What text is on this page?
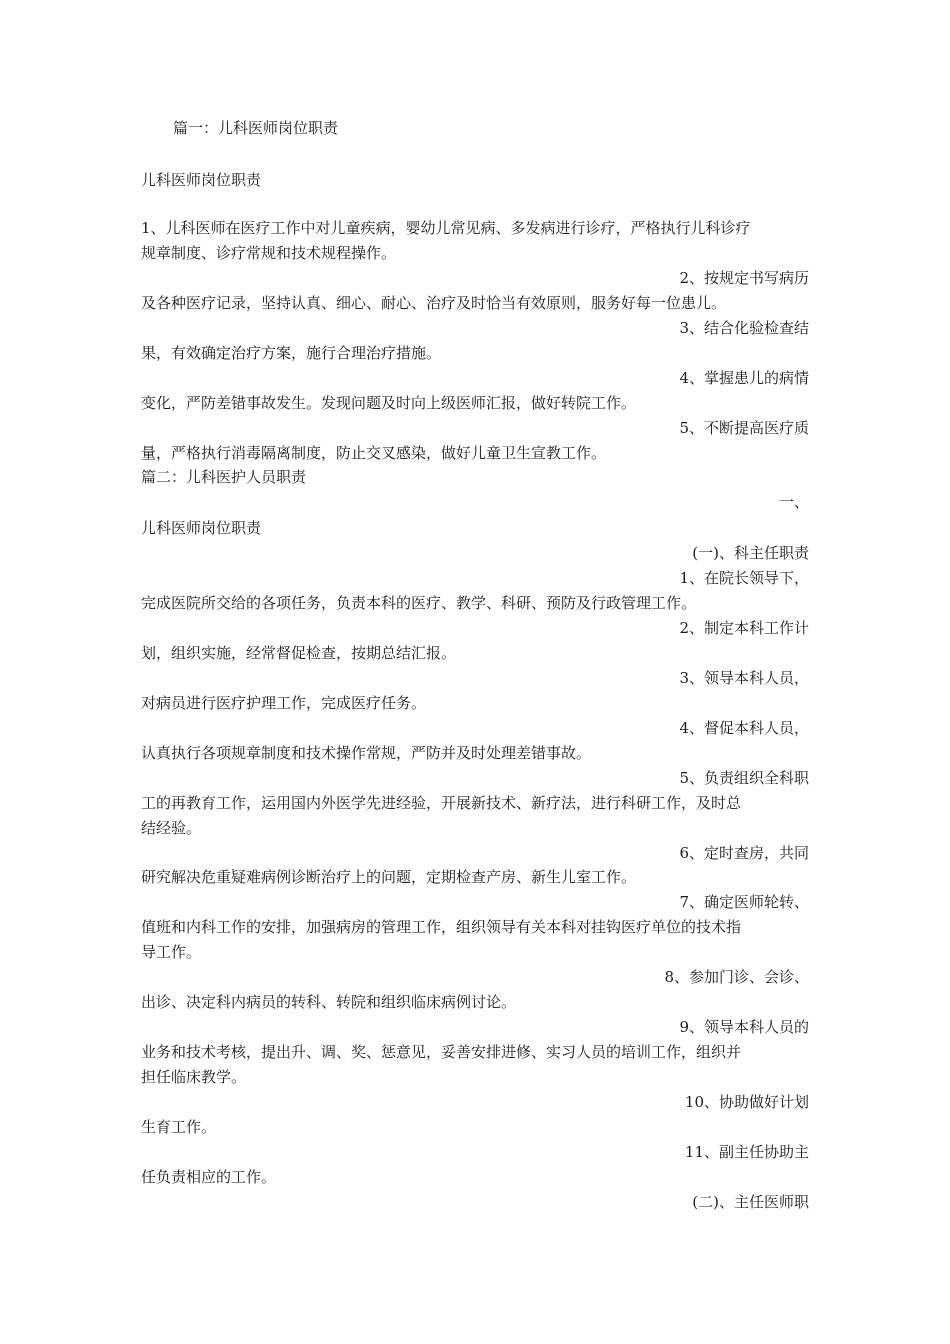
篇一：儿科医师岗位职责
儿科医师岗位职责
1、儿科医师在医疗工作中对儿童疾病，婴幼儿常见病、多发病进行诊疗，严格执行儿科诊疗
规章制度、诊疗常规和技术规程操作。
2、按规定书写病历
及各种医疗记录，坚持认真、细心、耐心、治疗及时恰当有效原则，服务好每一位患儿。
3、结合化验检查结
果，有效确定治疗方案，施行合理治疗措施。
4、掌握患儿的病情
变化，严防差错事故发生。发现问题及时向上级医师汇报，做好转院工作。
5、不断提高医疗质
量，严格执行消毒隔离制度，防止交叉感染，做好儿童卫生宣教工作。
篇二：儿科医护人员职责
一、
儿科医师岗位职责
(一)、科主任职责
1、在院长领导下，
完成医院所交给的各项任务，负责本科的医疗、教学、科研、预防及行政管理工作。
2、制定本科工作计
划，组织实施，经常督促检查，按期总结汇报。
3、领导本科人员，
对病员进行医疗护理工作，完成医疗任务。
4、督促本科人员，
认真执行各项规章制度和技术操作常规，严防并及时处理差错事故。
5、负责组织全科职
工的再教育工作，运用国内外医学先进经验，开展新技术、新疗法，进行科研工作，及时总
结经验。
6、定时查房，共同
研究解决危重疑难病例诊断治疗上的问题，定期检查产房、新生儿室工作。
7、确定医师轮转、
值班和内科工作的安排，加强病房的管理工作，组织领导有关本科对挂钩医疗单位的技术指
导工作。
8、参加门诊、会诊、
出诊、决定科内病员的转科、转院和组织临床病例讨论。
9、领导本科人员的
业务和技术考核，提出升、调、奖、惩意见，妥善安排进修、实习人员的培训工作，组织并
担任临床教学。
10、协助做好计划
生育工作。
11、副主任协助主
任负责相应的工作。
(二)、主任医师职
